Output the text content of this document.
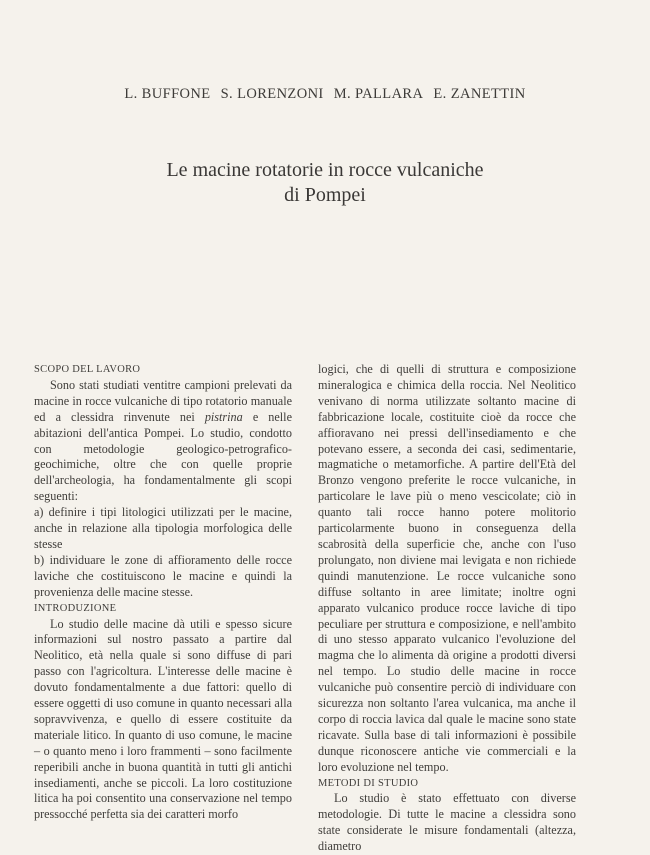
L. BUFFONE S. LORENZONI M. PALLARA E. ZANETTIN
Le macine rotatorie in rocce vulcaniche
di Pompei

SCOPO DEL LAVORO

Sono stati studiati ventitre campioni prelevati da macine in rocce vulcaniche di tipo rotatorio manuale ed a clessidra rinvenute nei pistrina e nelle abitazioni dell'antica Pompei. Lo studio, condotto con metodologie geologico-petrografico-geochimiche, oltre che con quelle proprie dell'archeologia, ha fondamentalmente gli scopi seguenti:

a) definire i tipi litologici utilizzati per le macine, anche in relazione alla tipologia morfologica delle stesse

b) individuare le zone di affioramento delle rocce laviche che costituiscono le macine e quindi la provenienza delle macine stesse.

INTRODUZIONE

Lo studio delle macine dà utili e spesso sicure informazioni sul nostro passato a partire dal Neolitico, età nella quale si sono diffuse di pari passo con l'agricoltura. L'interesse delle macine è dovuto fondamentalmente a due fattori: quello di essere oggetti di uso comune in quanto necessari alla sopravvivenza, e quello di essere costituite da materiale litico. In quanto di uso comune, le macine – o quanto meno i loro frammenti – sono facilmente reperibili anche in buona quantità in tutti gli antichi insediamenti, anche se piccoli. La loro costituzione litica ha poi consentito una conservazione nel tempo pressocché perfetta sia dei caratteri morfo

logici, che di quelli di struttura e composizione mineralogica e chimica della roccia. Nel Neolitico venivano di norma utilizzate soltanto macine di fabbricazione locale, costituite cioè da rocce che affioravano nei pressi dell'insediamento e che potevano essere, a seconda dei casi, sedimentarie, magmatiche o metamorfiche. A partire dell'Età del Bronzo vengono preferite le rocce vulcaniche, in particolare le lave più o meno vescicolate; ciò in quanto tali rocce hanno potere molitorio particolarmente buono in conseguenza della scabrosità della superficie che, anche con l'uso prolungato, non diviene mai levigata e non richiede quindi manutenzione. Le rocce vulcaniche sono diffuse soltanto in aree limitate; inoltre ogni apparato vulcanico produce rocce laviche di tipo peculiare per struttura e composizione, e nell'ambito di uno stesso apparato vulcanico l'evoluzione del magma che lo alimenta dà origine a prodotti diversi nel tempo. Lo studio delle macine in rocce vulcaniche può consentire perciò di individuare con sicurezza non soltanto l'area vulcanica, ma anche il corpo di roccia lavica dal quale le macine sono state ricavate. Sulla base di tali informazioni è possibile dunque riconoscere antiche vie commerciali e la loro evoluzione nel tempo.

METODI DI STUDIO

Lo studio è stato effettuato con diverse metodologie. Di tutte le macine a clessidra sono state considerate le misure fondamentali (altezza, diametro
